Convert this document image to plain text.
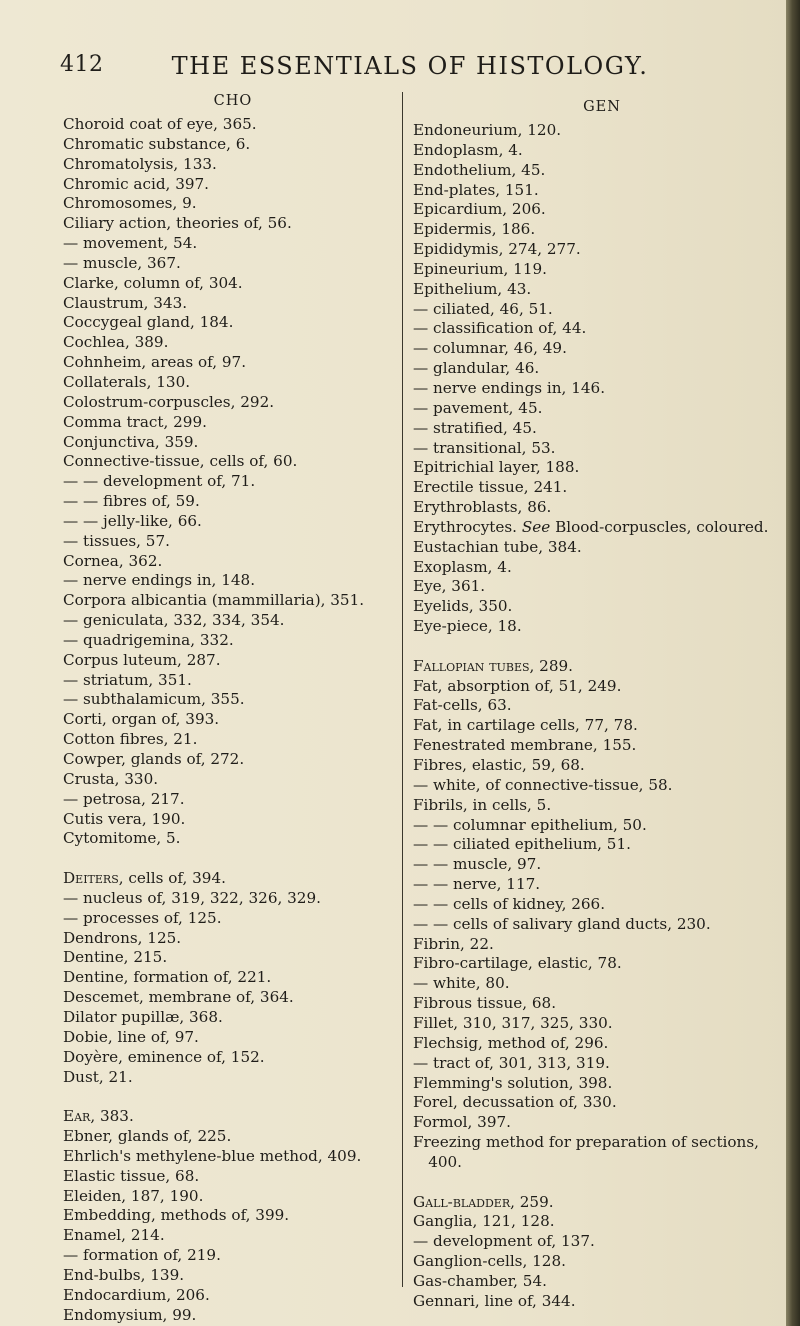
412	THE ESSENTIALS OF HISTOLOGY.
CHO
Choroid coat of eye, 365.
Chromatic substance, 6.
Chromatolysis, 133.
Chromic acid, 397.
Chromosomes, 9.
Ciliary action, theories of, 56.
— movement, 54.
— muscle, 367.
Clarke, column of, 304.
Claustrum, 343.
Coccygeal gland, 184.
Cochlea, 389.
Cohnheim, areas of, 97.
Collaterals, 130.
Colostrum-corpuscles, 292.
Comma tract, 299.
Conjunctiva, 359.
Connective-tissue, cells of, 60.
— — development of, 71.
— — fibres of, 59.
— — jelly-like, 66.
— tissues, 57.
Cornea, 362.
— nerve endings in, 148.
Corpora albicantia (mammillaria), 351.
— geniculata, 332, 334, 354.
— quadrigemina, 332.
Corpus luteum, 287.
— striatum, 351.
— subthalamicum, 355.
Corti, organ of, 393.
Cotton fibres, 21.
Cowper, glands of, 272.
Crusta, 330.
— petrosa, 217.
Cutis vera, 190.
Cytomitome, 5.
Deiters, cells of, 394.
— nucleus of, 319, 322, 326, 329.
— processes of, 125.
Dendrons, 125.
Dentine, 215.
Dentine, formation of, 221.
Descemet, membrane of, 364.
Dilator pupillæ, 368.
Dobie, line of, 97.
Doyère, eminence of, 152.
Dust, 21.
Ear, 383.
Ebner, glands of, 225.
Ehrlich's methylene-blue method, 409.
Elastic tissue, 68.
Eleiden, 187, 190.
Embedding, methods of, 399.
Enamel, 214.
— formation of, 219.
End-bulbs, 139.
Endocardium, 206.
Endomysium, 99.
GEN
Endoneurium, 120.
Endoplasm, 4.
Endothelium, 45.
End-plates, 151.
Epicardium, 206.
Epidermis, 186.
Epididymis, 274, 277.
Epineurium, 119.
Epithelium, 43.
— ciliated, 46, 51.
— classification of, 44.
— columnar, 46, 49.
— glandular, 46.
— nerve endings in, 146.
— pavement, 45.
— stratified, 45.
— transitional, 53.
Epitrichial layer, 188.
Erectile tissue, 241.
Erythroblasts, 86.
Erythrocytes. See Blood-corpuscles, coloured.
Eustachian tube, 384.
Exoplasm, 4.
Eye, 361.
Eyelids, 350.
Eye-piece, 18.
Fallopian tubes, 289.
Fat, absorption of, 51, 249.
Fat-cells, 63.
Fat, in cartilage cells, 77, 78.
Fenestrated membrane, 155.
Fibres, elastic, 59, 68.
— white, of connective-tissue, 58.
Fibrils, in cells, 5.
— — columnar epithelium, 50.
— — ciliated epithelium, 51.
— — muscle, 97.
— — nerve, 117.
— — cells of kidney, 266.
— — cells of salivary gland ducts, 230.
Fibrin, 22.
Fibro-cartilage, elastic, 78.
— white, 80.
Fibrous tissue, 68.
Fillet, 310, 317, 325, 330.
Flechsig, method of, 296.
— tract of, 301, 313, 319.
Flemming's solution, 398.
Forel, decussation of, 330.
Formol, 397.
Freezing method for preparation of sections, 400.
Gall-bladder, 259.
Ganglia, 121, 128.
— development of, 137.
Ganglion-cells, 128.
Gas-chamber, 54.
Gennari, line of, 344.
